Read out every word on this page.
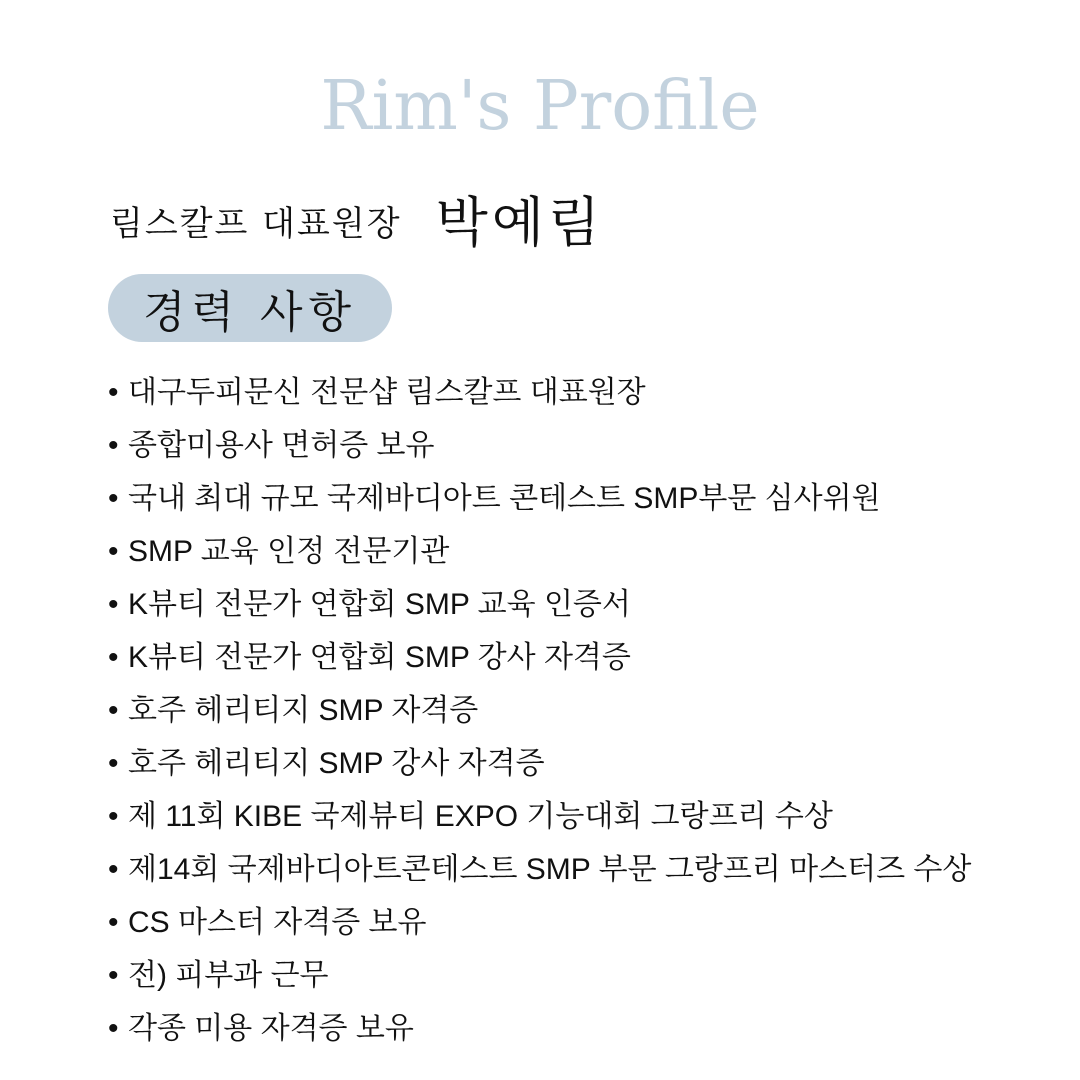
Rim's Profile
림스칼프 대표원장 박예림
경력 사항
• 대구두피문신 전문샵 림스칼프 대표원장
• 종합미용사 면허증 보유
• 국내 최대 규모 국제바디아트 콘테스트 SMP부문 심사위원
• SMP 교육 인정 전문기관
• K뷰티 전문가 연합회 SMP 교육 인증서
• K뷰티 전문가 연합회 SMP 강사 자격증
• 호주 헤리티지 SMP 자격증
• 호주 헤리티지 SMP 강사 자격증
• 제 11회 KIBE 국제뷰티 EXPO 기능대회 그랑프리 수상
• 제14회 국제바디아트콘테스트 SMP 부문 그랑프리 마스터즈 수상
• CS 마스터 자격증 보유
• 전) 피부과 근무
• 각종 미용 자격증 보유
